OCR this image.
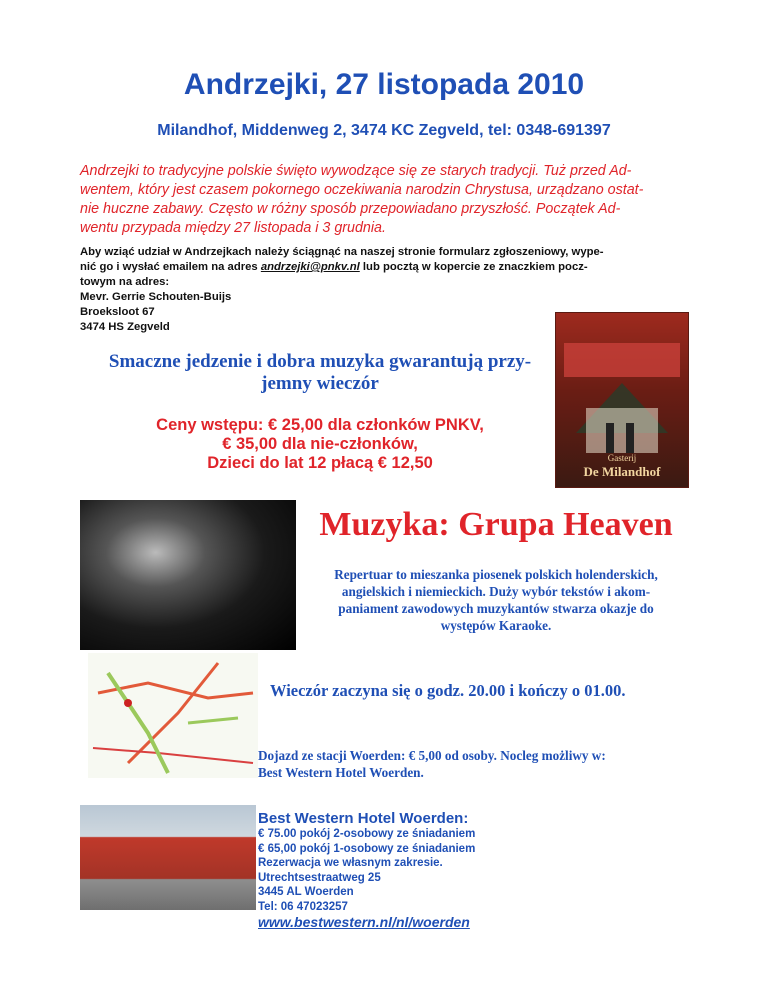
Andrzejki, 27 listopada 2010
Milandhof, Middenweg 2, 3474 KC Zegveld, tel: 0348-691397
Andrzejki to tradycyjne polskie święto wywodzące się ze starych tradycji. Tuż przed Ad-
wentem, który jest czasem pokornego oczekiwania narodzin Chrystusa, urządzano ostat-
nie huczne zabawy. Często w różny sposób przepowiadano przyszłość. Początek Ad-
wentu przypada między 27 listopada i 3 grudnia.
Aby wziąć udział w Andrzejkach należy ściągnąć na naszej stronie formularz zgłoszeniowy, wype-
nić go i wysłać emailem na adres andrzejki@pnkv.nl lub pocztą w kopercie ze znaczkiem pocz-
towym na adres:
Mevr. Gerrie Schouten-Buijs
Broeksloot 67
3474 HS Zegveld
Smaczne jedzenie i dobra muzyka gwarantują przy-
jemny wieczór
Ceny wstępu: € 25,00 dla członków PNKV,
€ 35,00 dla nie-członków,
Dzieci do lat 12 płacą € 12,50	Gasterij
De Milandhof
Muzyka: Grupa Heaven
Repertuar to mieszanka piosenek polskich holenderskich,
angielskich i niemieckich. Duży wybór tekstów i akom-
paniament zawodowych muzykantów stwarza okazje do
występów Karaoke.
Wieczór zaczyna się o godz. 20.00 i kończy o 01.00.
Dojazd ze stacji Woerden: € 5,00 od osoby. Nocleg możliwy w:
Best Western Hotel Woerden.
Best Western Hotel Woerden:
€ 75.00 pokój 2-osobowy ze śniadaniem
€ 65,00 pokój 1-osobowy ze śniadaniem
Rezerwacja we własnym zakresie.
Utrechtsestraatweg 25
3445 AL Woerden
Tel: 06 47023257
www.bestwestern.nl/nl/woerden
